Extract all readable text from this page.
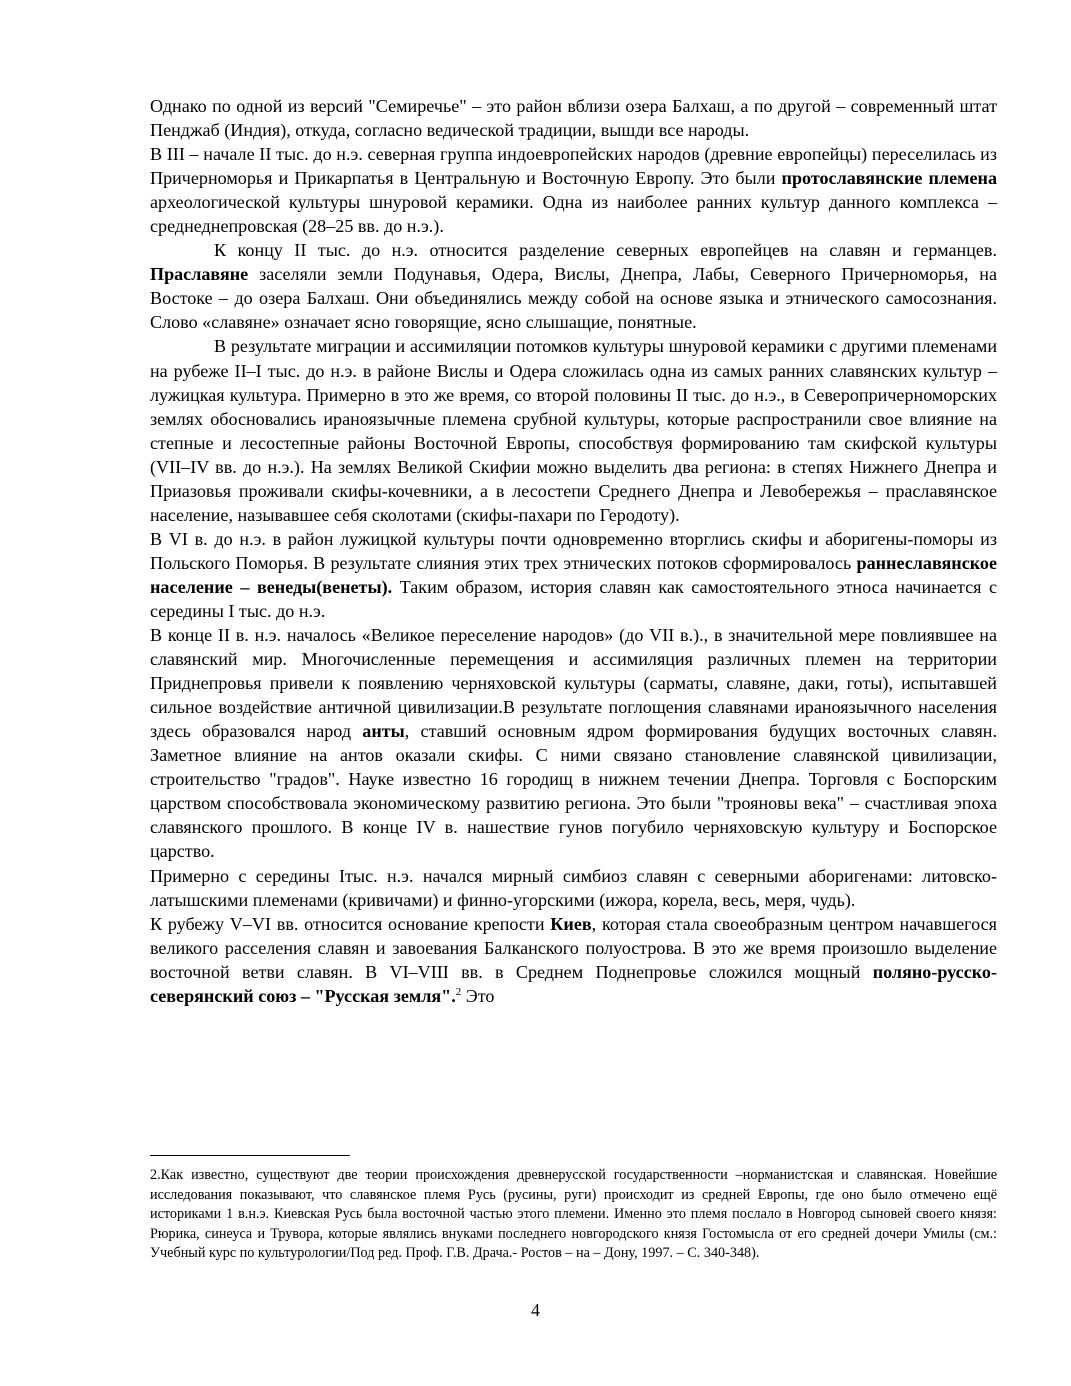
Однако по одной из версий "Семиречье" – это район вблизи озера Балхаш, а по другой – современный штат Пенджаб (Индия), откуда, согласно ведической традиции, вышди все народы.

В III – начале II тыс. до н.э. северная группа индоевропейских народов (древние европейцы) переселилась из Причерноморья и Прикарпатья в Центральную и Восточную Европу. Это были протославянские племена археологической культуры шнуровой керамики. Одна из наиболее ранних культур данного комплекса – среднеднепровская (28–25 вв. до н.э.).

К концу II тыс. до н.э. относится разделение северных европейцев на славян и германцев. Праславяне заселяли земли Подунавья, Одера, Вислы, Днепра, Лабы, Северного Причерноморья, на Востоке – до озера Балхаш. Они объединялись между собой на основе языка и этнического самосознания. Слово «славяне» означает ясно говорящие, ясно слышащие, понятные.

В результате миграции и ассимиляции потомков культуры шнуровой керамики с другими племенами на рубеже II–I тыс. до н.э. в районе Вислы и Одера сложилась одна из самых ранних славянских культур – лужицкая культура. Примерно в это же время, со второй половины II тыс. до н.э., в Северопричерноморских землях обосновались ираноязычные племена срубной культуры, которые распространили свое влияние на степные и лесостепные районы Восточной Европы, способствуя формированию там скифской культуры (VII–IV вв. до н.э.). На землях Великой Скифии можно выделить два региона: в степях Нижнего Днепра и Приазовья проживали скифы-кочевники, а в лесостепи Среднего Днепра и Левобережья – праславянское население, называвшее себя сколотами (скифы-пахари по Геродоту).

В VI в. до н.э. в район лужицкой культуры почти одновременно вторглись скифы и аборигены-поморы из Польского Поморья. В результате слияния этих трех этнических потоков сформировалось раннеславянское население – венеды(венеты). Таким образом, история славян как самостоятельного этноса начинается с середины I тыс. до н.э.

В конце II в. н.э. началось «Великое переселение народов» (до VII в.)., в значительной мере повлиявшее на славянский мир. Многочисленные перемещения и ассимиляция различных племен на территории Приднепровья привели к появлению черняховской культуры (сарматы, славяне, даки, готы), испытавшей сильное воздействие античной цивилизации.В результате поглощения славянами ираноязычного населения здесь образовался народ анты, ставший основным ядром формирования будущих восточных славян. Заметное влияние на антов оказали скифы. С ними связано становление славянской цивилизации, строительство "градов". Науке известно 16 городищ в нижнем течении Днепра. Торговля с Боспорским царством способствовала экономическому развитию региона. Это были "трояновы века" – счастливая эпоха славянского прошлого. В конце IV в. нашествие гунов погубило черняховскую культуру и Боспорское царство.

Примерно с середины Iтыс. н.э. начался мирный симбиоз славян с северными аборигенами: литовско-латышскими племенами (кривичами) и финно-угорскими (ижора, корела, весь, меря, чудь).

К рубежу V–VI вв. относится основание крепости Киев, которая стала своеобразным центром начавшегося великого расселения славян и завоевания Балканского полуострова. В это же время произошло выделение восточной ветви славян. В VI–VIII вв. в Среднем Поднепровье сложился мощный поляно-русско-северянский союз – "Русская земля".$^2$ Это

2.Как известно, существуют две теории происхождения древнерусской государственности –норманистская и славянская. Новейшие исследования показывают, что славянское племя Русь (русины, руги) происходит из средней Европы, где оно было отмечено ещё историками 1 в.н.э. Киевская Русь была восточной частью этого племени. Именно это племя послало в Новгород сыновей своего князя: Рюрика, синеуса и Трувора, которые являлись внуками последнего новгородского князя Гостомысла от его средней дочери Умилы (см.: Учебный курс по культурологии/Под ред. Проф. Г.В. Драча.- Ростов – на – Дону, 1997. – С. 340-348).

4
